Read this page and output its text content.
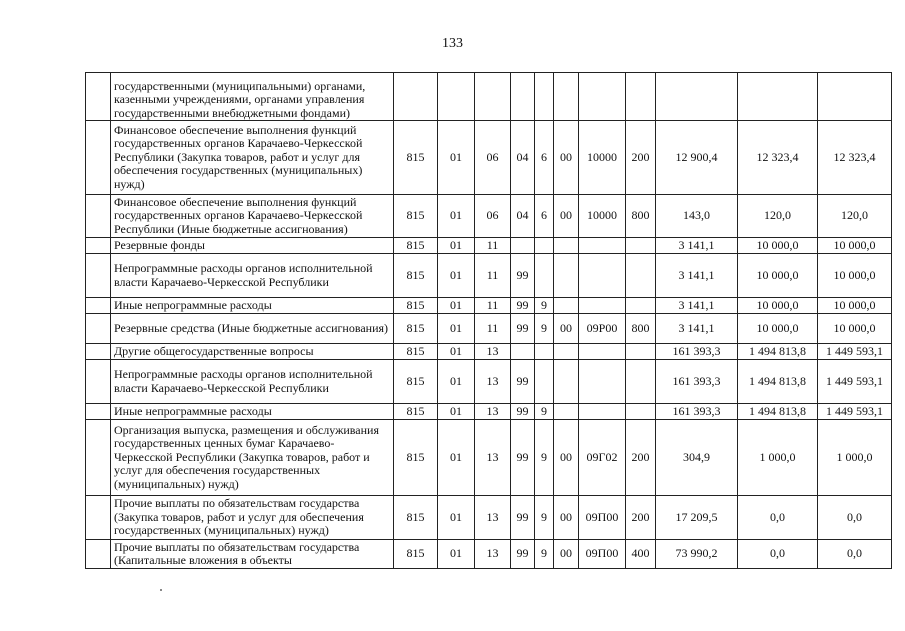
133
	государственными (муниципальными) органами, казенными учреждениями, органами управления государственными внебюджетными фондами)											
	Финансовое обеспечение выполнения функций государственных органов Карачаево-Черкесской Республики (Закупка товаров, работ и услуг для обеспечения государственных (муниципальных) нужд)	815	01	06	04	6	00	10000	200	12 900,4	12 323,4	12 323,4
	Финансовое обеспечение выполнения функций государственных органов Карачаево-Черкесской Республики (Иные бюджетные ассигнования)	815	01	06	04	6	00	10000	800	143,0	120,0	120,0
	Резервные фонды	815	01	11						3 141,1	10 000,0	10 000,0
	Непрограммные расходы органов исполнительной власти Карачаево-Черкесской Республики	815	01	11	99					3 141,1	10 000,0	10 000,0
	Иные непрограммные расходы	815	01	11	99	9				3 141,1	10 000,0	10 000,0
	Резервные средства (Иные бюджетные ассигнования)	815	01	11	99	9	00	09Р00	800	3 141,1	10 000,0	10 000,0
	Другие общегосударственные вопросы	815	01	13						161 393,3	1 494 813,8	1 449 593,1
	Непрограммные расходы органов исполнительной власти Карачаево-Черкесской Республики	815	01	13	99					161 393,3	1 494 813,8	1 449 593,1
	Иные непрограммные расходы	815	01	13	99	9				161 393,3	1 494 813,8	1 449 593,1
	Организация выпуска, размещения и обслуживания государственных ценных бумаг Карачаево-Черкесской Республики (Закупка товаров, работ и услуг для обеспечения государственных (муниципальных) нужд)	815	01	13	99	9	00	09Г02	200	304,9	1 000,0	1 000,0
	Прочие выплаты по обязательствам государства (Закупка товаров, работ и услуг для обеспечения государственных (муниципальных) нужд)	815	01	13	99	9	00	09П00	200	17 209,5	0,0	0,0
	Прочие выплаты по обязательствам государства (Капитальные вложения в объекты	815	01	13	99	9	00	09П00	400	73 990,2	0,0	0,0
